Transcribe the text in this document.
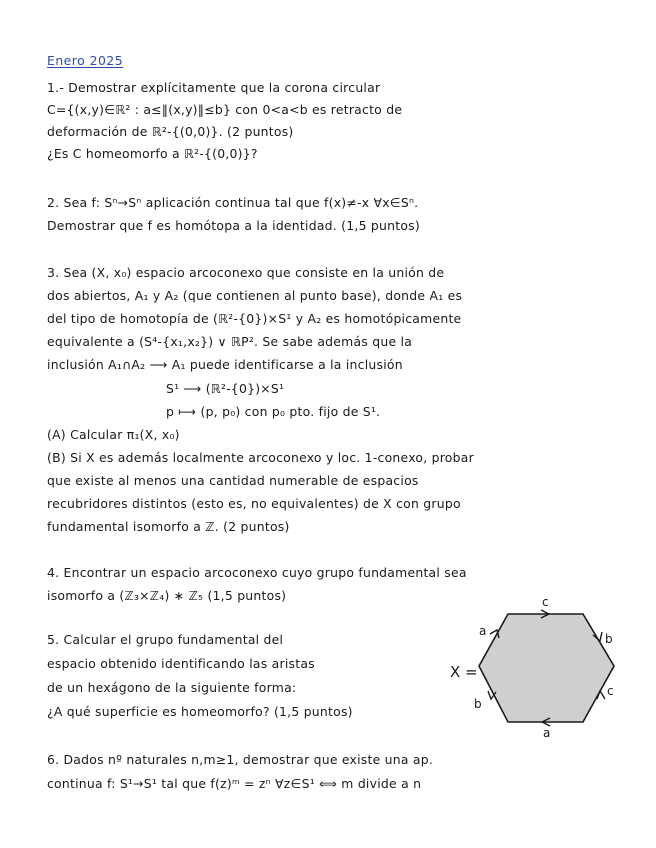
Enero 2025
1.- Demostrar explícitamente que la corona circular
C={(x,y)∈ℝ² : a≤‖(x,y)‖≤b} con 0<a<b es retracto de
deformación de ℝ²-{(0,0)}. (2 puntos)
¿Es C homeomorfo a ℝ²-{(0,0)}?
2. Sea f: Sⁿ→Sⁿ aplicación continua tal que f(x)≠-x ∀x∈Sⁿ.
Demostrar que f es homótopa a la identidad. (1,5 puntos)
3. Sea (X, x₀) espacio arcoconexo que consiste en la unión de
dos abiertos, A₁ y A₂ (que contienen al punto base), donde A₁ es
del tipo de homotopía de (ℝ²-{0})×S¹ y A₂ es homotópicamente
equivalente a (S⁴-{x₁,x₂}) ∨ ℝP². Se sabe además que la
inclusión A₁∩A₂ ⟶ A₁ puede identificarse a la inclusión
S¹ ⟶ (ℝ²-{0})×S¹
p ⟼ (p, p₀) con p₀ pto. fijo de S¹.
(A) Calcular π₁(X, x₀)
(B) Si X es además localmente arcoconexo y loc. 1-conexo, probar
que existe al menos una cantidad numerable de espacios
recubridores distintos (esto es, no equivalentes) de X con grupo
fundamental isomorfo a ℤ. (2 puntos)
4. Encontrar un espacio arcoconexo cuyo grupo fundamental sea
isomorfo a (ℤ₃×ℤ₄) ∗ ℤ₅ (1,5 puntos)
5. Calcular el grupo fundamental del
espacio obtenido identificando las aristas
de un hexágono de la siguiente forma:
¿A qué superficie es homeomorfo? (1,5 puntos)
X =
c
b
c
a
b
a
6. Dados nº naturales n,m≥1, demostrar que existe una ap.
continua f: S¹→S¹ tal que f(z)ᵐ = zⁿ ∀z∈S¹ ⟺ m divide a n
